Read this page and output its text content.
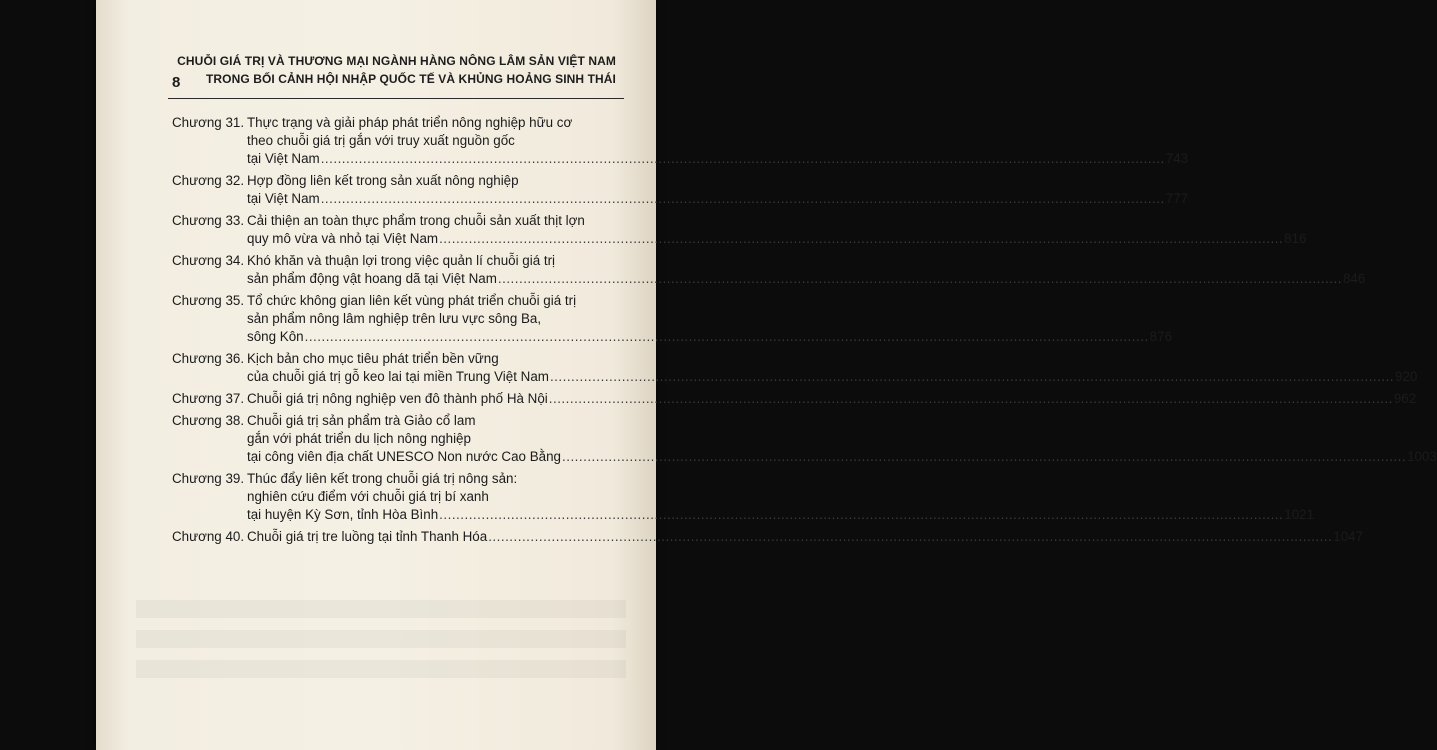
8
CHUỖI GIÁ TRỊ VÀ THƯƠNG MẠI NGÀNH HÀNG NÔNG LÂM SẢN VIỆT NAM
TRONG BỐI CẢNH HỘI NHẬP QUỐC TẾ VÀ KHỦNG HOẢNG SINH THÁI
Chương 31. Thực trạng và giải pháp phát triển nông nghiệp hữu cơ
theo chuỗi giá trị gắn với truy xuất nguồn gốc
tại Việt Nam ........................................................................................................................................................................................................ 743
Chương 32. Hợp đồng liên kết trong sản xuất nông nghiệp
tại Việt Nam ........................................................................................................................................................................................................ 777
Chương 33. Cải thiện an toàn thực phẩm trong chuỗi sản xuất thịt lợn
quy mô vừa và nhỏ tại Việt Nam ........................................................................................................................................................................................................ 816
Chương 34. Khó khăn và thuận lợi trong việc quản lí chuỗi giá trị
sản phẩm động vật hoang dã tại Việt Nam ........................................................................................................................................................................................................ 846
Chương 35. Tổ chức không gian liên kết vùng phát triển chuỗi giá trị
sản phẩm nông lâm nghiệp trên lưu vực sông Ba,
sông Kôn ........................................................................................................................................................................................................ 876
Chương 36. Kịch bản cho mục tiêu phát triển bền vững
của chuỗi giá trị gỗ keo lai tại miền Trung Việt Nam ........................................................................................................................................................................................................ 920
Chương 37. Chuỗi giá trị nông nghiệp ven đô thành phố Hà Nội ........................................................................................................................................................................................................ 962
Chương 38. Chuỗi giá trị sản phẩm trà Giảo cổ lam
gắn với phát triển du lịch nông nghiệp
tại công viên địa chất UNESCO Non nước Cao Bằng ........................................................................................................................................................................................................ 1003
Chương 39. Thúc đẩy liên kết trong chuỗi giá trị nông sản:
nghiên cứu điểm với chuỗi giá trị bí xanh
tại huyện Kỳ Sơn, tỉnh Hòa Bình ........................................................................................................................................................................................................ 1021
Chương 40. Chuỗi giá trị tre luồng tại tỉnh Thanh Hóa ........................................................................................................................................................................................................ 1047
